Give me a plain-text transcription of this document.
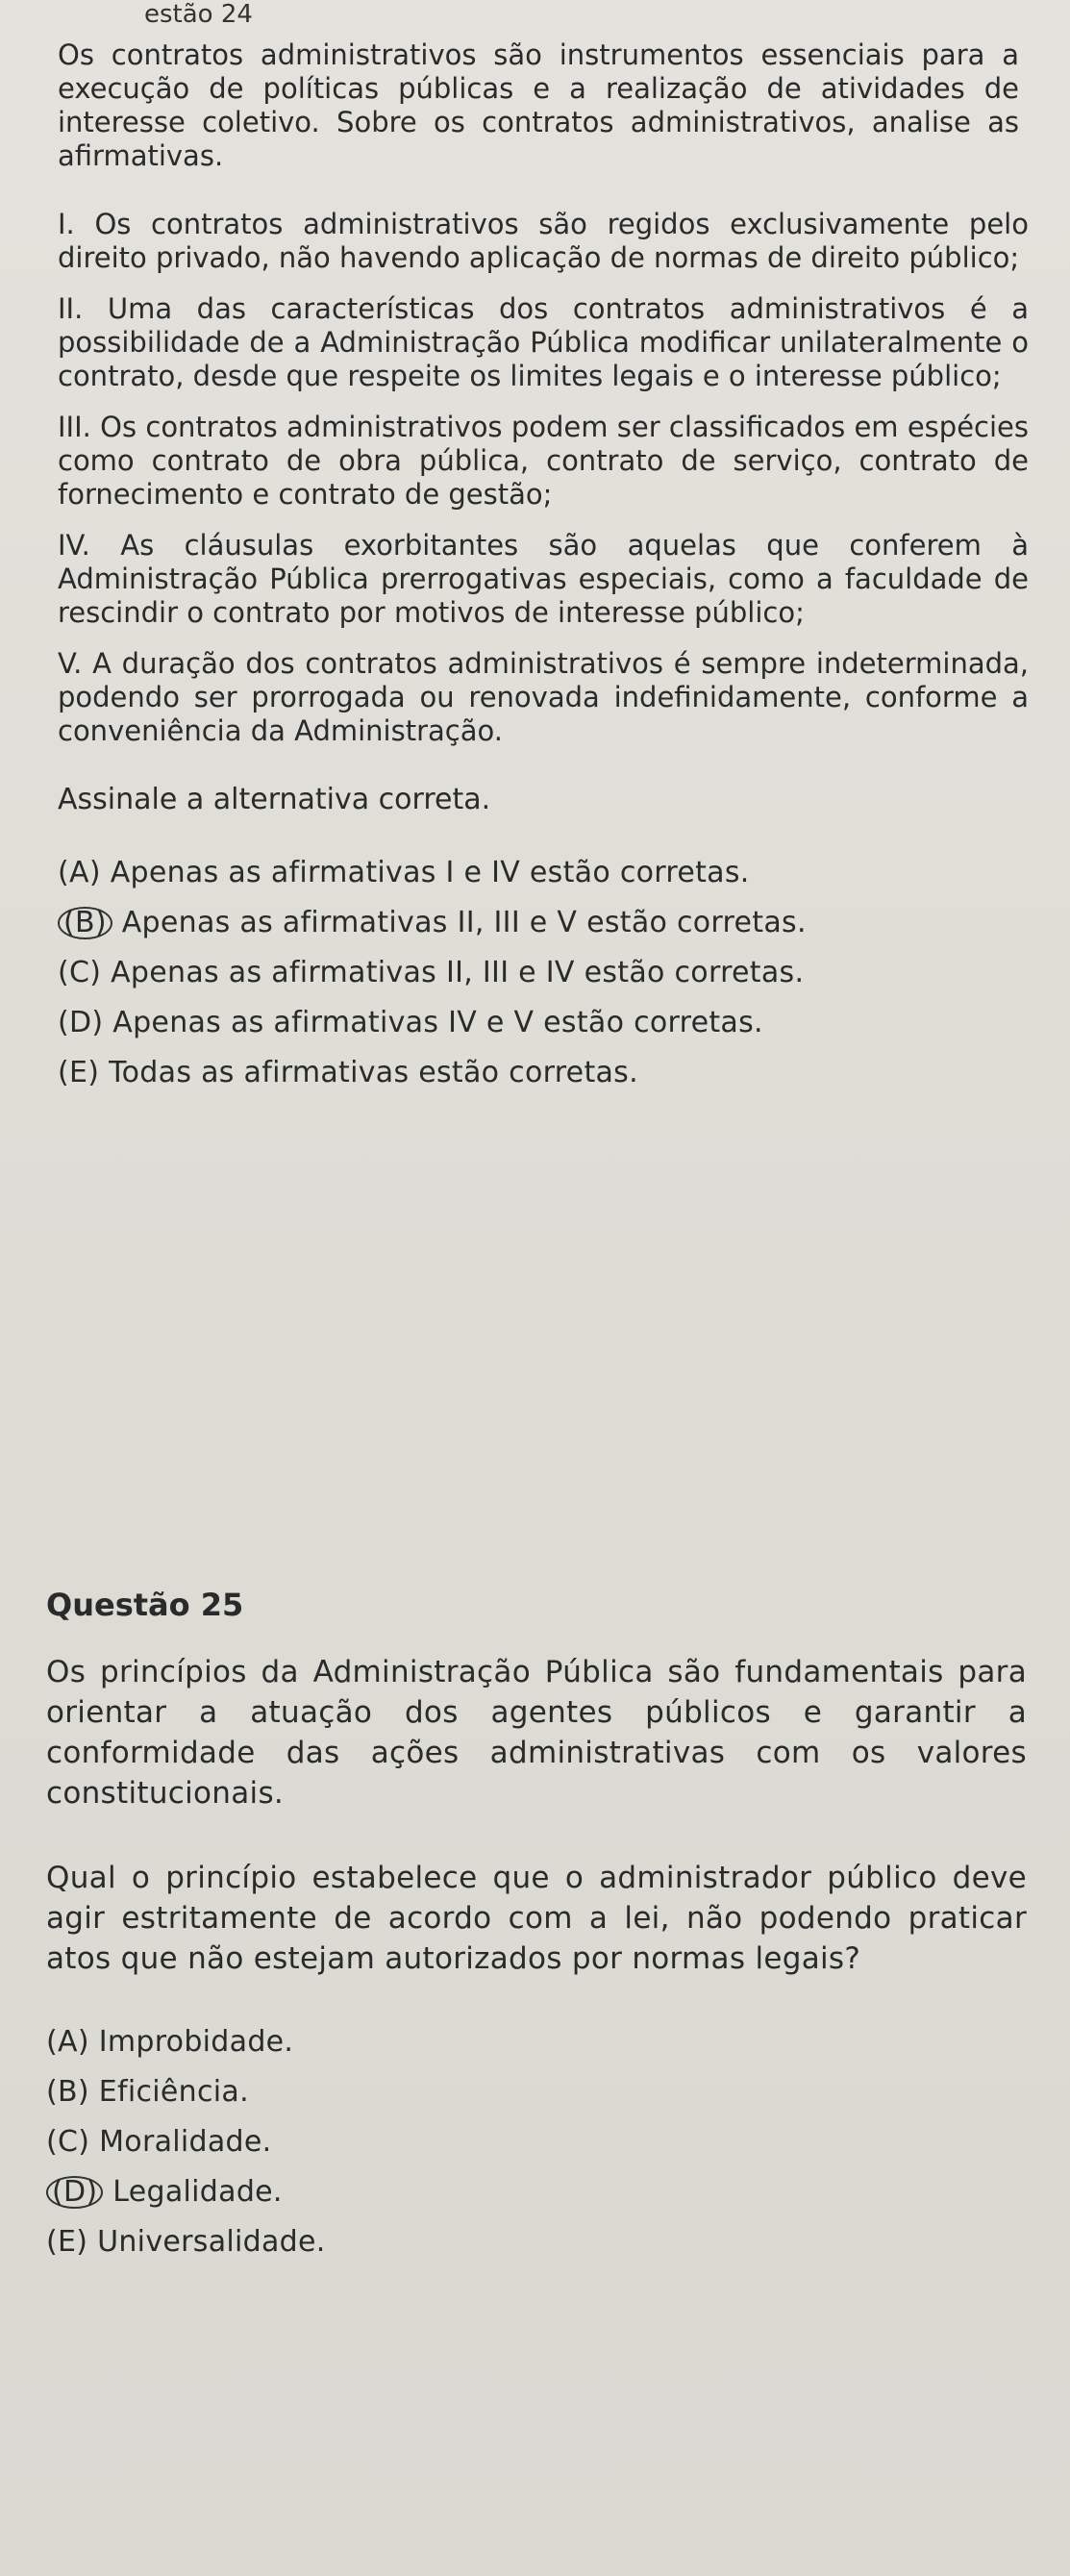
estão 24

Os contratos administrativos são instrumentos essenciais para a execução de políticas públicas e a realização de atividades de interesse coletivo. Sobre os contratos administrativos, analise as afirmativas.

I. Os contratos administrativos são regidos exclusivamente pelo direito privado, não havendo aplicação de normas de direito público;

II. Uma das características dos contratos administrativos é a possibilidade de a Administração Pública modificar unilateralmente o contrato, desde que respeite os limites legais e o interesse público;

III. Os contratos administrativos podem ser classificados em espécies como contrato de obra pública, contrato de serviço, contrato de fornecimento e contrato de gestão;

IV. As cláusulas exorbitantes são aquelas que conferem à Administração Pública prerrogativas especiais, como a faculdade de rescindir o contrato por motivos de interesse público;

V. A duração dos contratos administrativos é sempre indeterminada, podendo ser prorrogada ou renovada indefinidamente, conforme a conveniência da Administração.

Assinale a alternativa correta.

(A) Apenas as afirmativas I e IV estão corretas.

(B) Apenas as afirmativas II, III e V estão corretas.

(C) Apenas as afirmativas II, III e IV estão corretas.

(D) Apenas as afirmativas IV e V estão corretas.

(E) Todas as afirmativas estão corretas.

Questão 25

Os princípios da Administração Pública são fundamentais para orientar a atuação dos agentes públicos e garantir a conformidade das ações administrativas com os valores constitucionais.

Qual o princípio estabelece que o administrador público deve agir estritamente de acordo com a lei, não podendo praticar atos que não estejam autorizados por normas legais?

(A) Improbidade.

(B) Eficiência.

(C) Moralidade.

(D) Legalidade.

(E) Universalidade.
